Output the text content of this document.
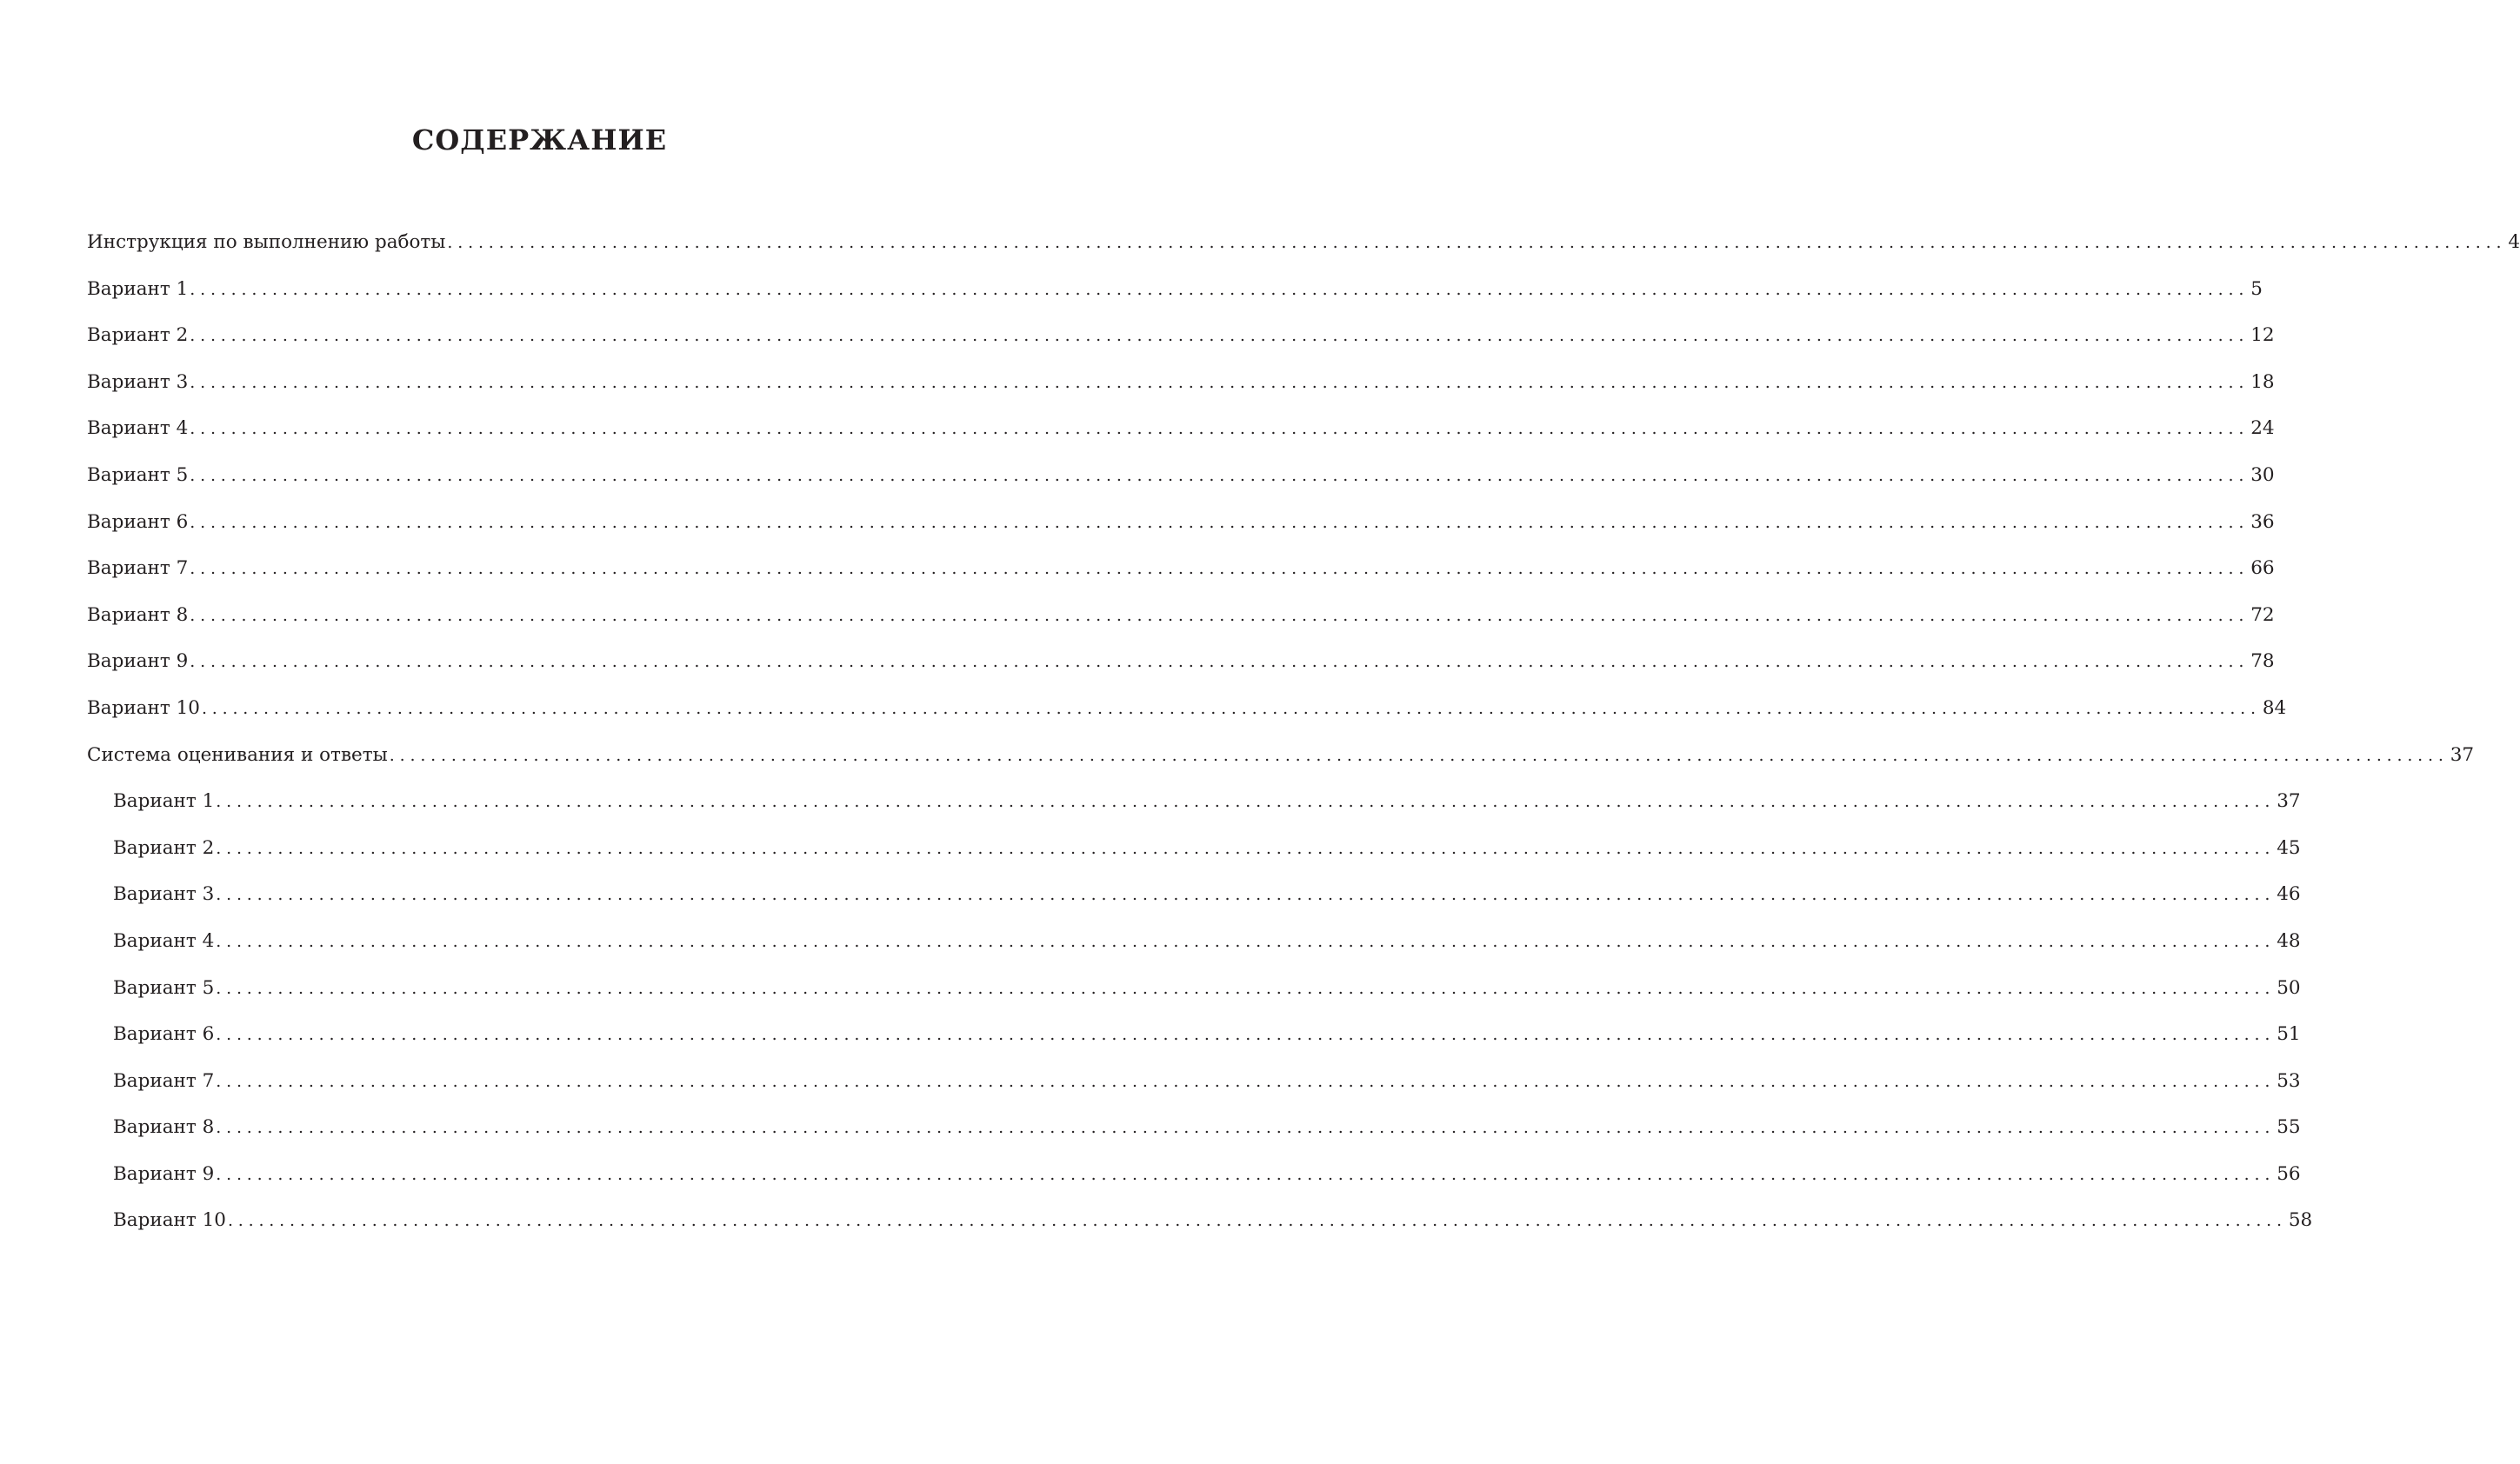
СОДЕРЖАНИЕ
Инструкция по выполнению работы ........................................................................................................................................................................................................ 4
Вариант 1 ........................................................................................................................................................................................................ 5
Вариант 2 ........................................................................................................................................................................................................ 12
Вариант 3 ........................................................................................................................................................................................................ 18
Вариант 4 ........................................................................................................................................................................................................ 24
Вариант 5 ........................................................................................................................................................................................................ 30
Вариант 6 ........................................................................................................................................................................................................ 36
Вариант 7 ........................................................................................................................................................................................................ 66
Вариант 8 ........................................................................................................................................................................................................ 72
Вариант 9 ........................................................................................................................................................................................................ 78
Вариант 10 ........................................................................................................................................................................................................ 84
Система оценивания и ответы ........................................................................................................................................................................................................ 37
Вариант 1 ........................................................................................................................................................................................................ 37
Вариант 2 ........................................................................................................................................................................................................ 45
Вариант 3 ........................................................................................................................................................................................................ 46
Вариант 4 ........................................................................................................................................................................................................ 48
Вариант 5 ........................................................................................................................................................................................................ 50
Вариант 6 ........................................................................................................................................................................................................ 51
Вариант 7 ........................................................................................................................................................................................................ 53
Вариант 8 ........................................................................................................................................................................................................ 55
Вариант 9 ........................................................................................................................................................................................................ 56
Вариант 10 ........................................................................................................................................................................................................ 58
